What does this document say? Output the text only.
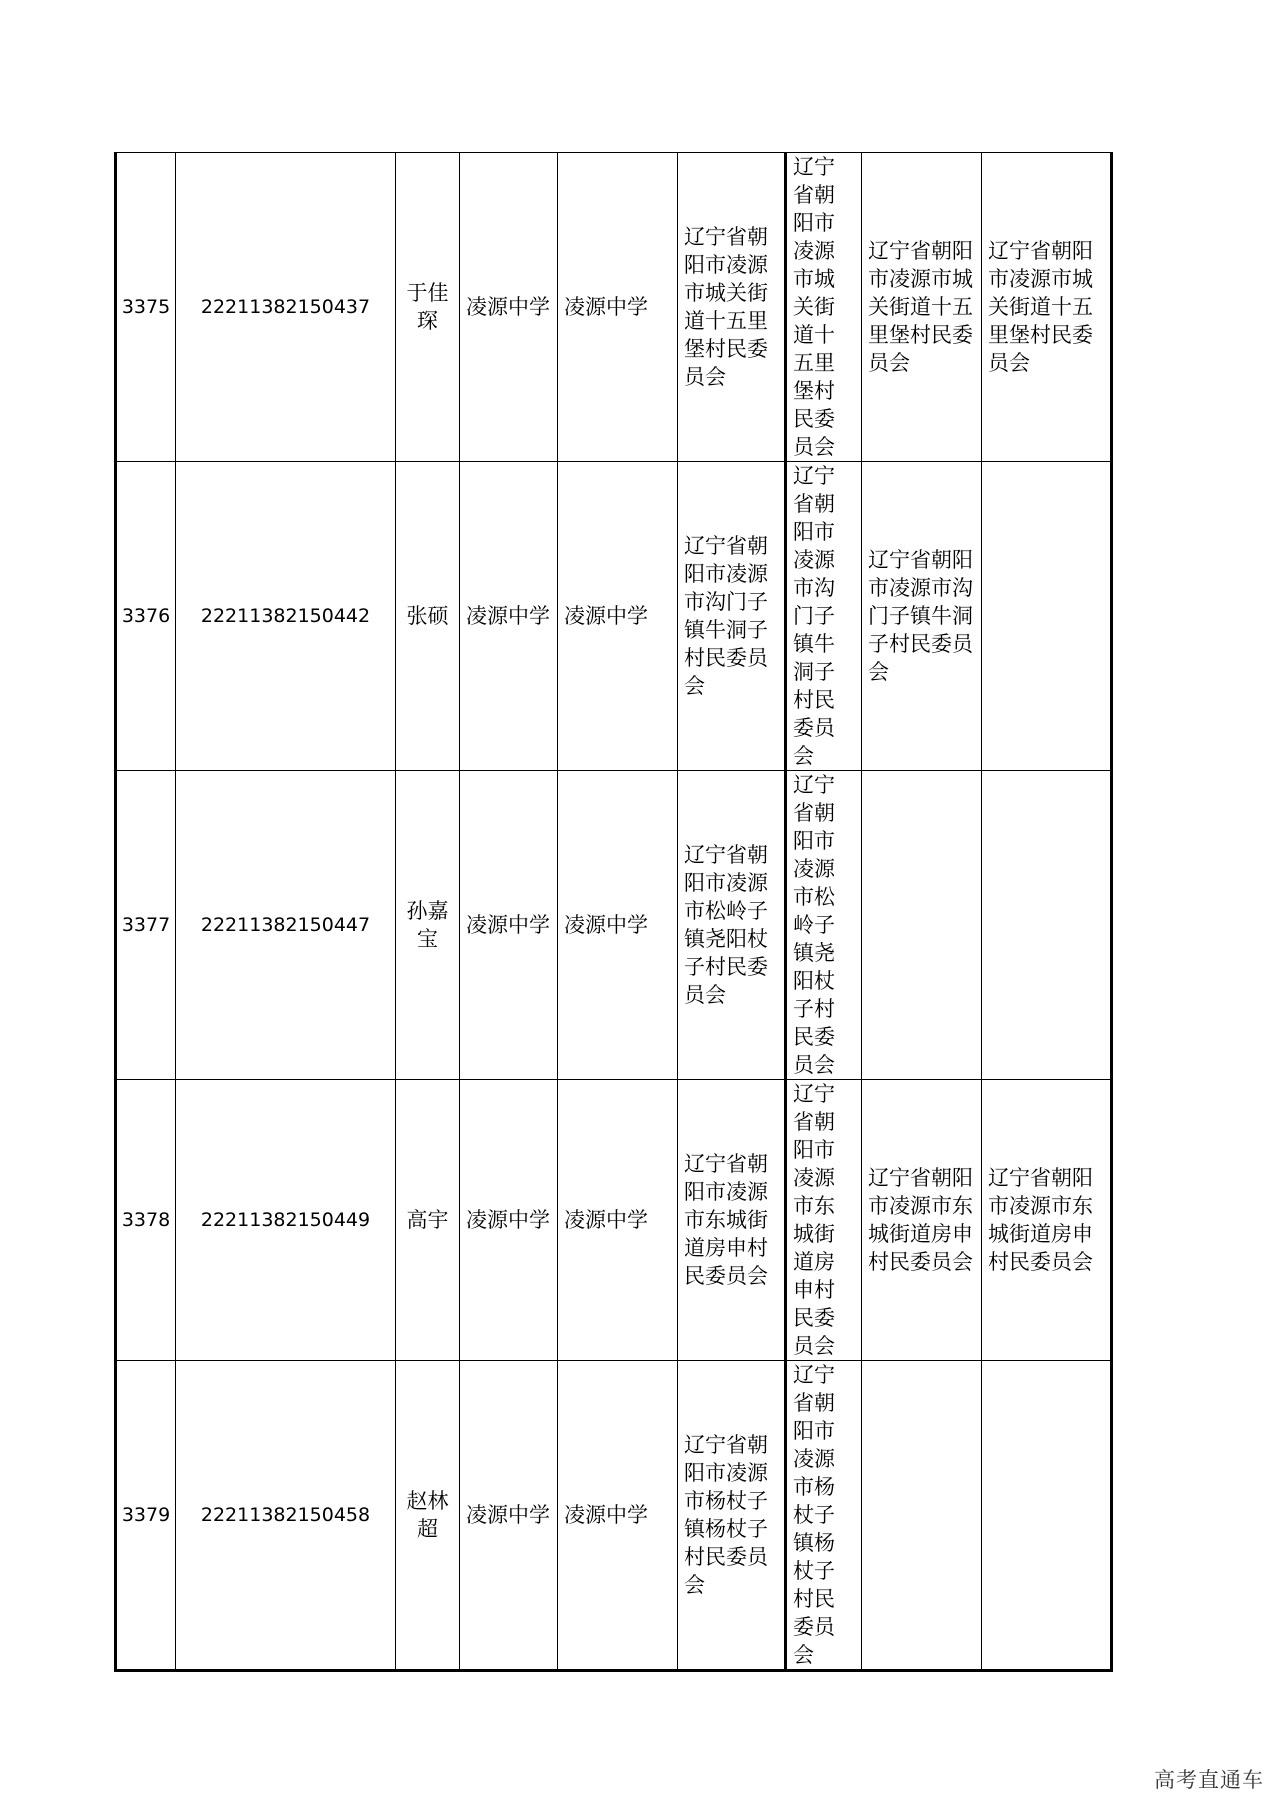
3375	22211382150437	于佳琛	凌源中学	凌源中学	辽宁省朝阳市凌源市城关街道十五里堡村民委员会	辽宁省朝阳市凌源市城关街道十五里堡村民委员会	辽宁省朝阳市凌源市城关街道十五里堡村民委员会	辽宁省朝阳市凌源市城关街道十五里堡村民委员会
3376	22211382150442	张硕	凌源中学	凌源中学	辽宁省朝阳市凌源市沟门子镇牛洞子村民委员会	辽宁省朝阳市凌源市沟门子镇牛洞子村民委员会	辽宁省朝阳市凌源市沟门子镇牛洞子村民委员会	
3377	22211382150447	孙嘉宝	凌源中学	凌源中学	辽宁省朝阳市凌源市松岭子镇尧阳杖子村民委员会	辽宁省朝阳市凌源市松岭子镇尧阳杖子村民委员会		
3378	22211382150449	高宇	凌源中学	凌源中学	辽宁省朝阳市凌源市东城街道房申村民委员会	辽宁省朝阳市凌源市东城街道房申村民委员会	辽宁省朝阳市凌源市东城街道房申村民委员会	辽宁省朝阳市凌源市东城街道房申村民委员会
3379	22211382150458	赵林超	凌源中学	凌源中学	辽宁省朝阳市凌源市杨杖子镇杨杖子村民委员会	辽宁省朝阳市凌源市杨杖子镇杨杖子村民委员会		
高考直通车
